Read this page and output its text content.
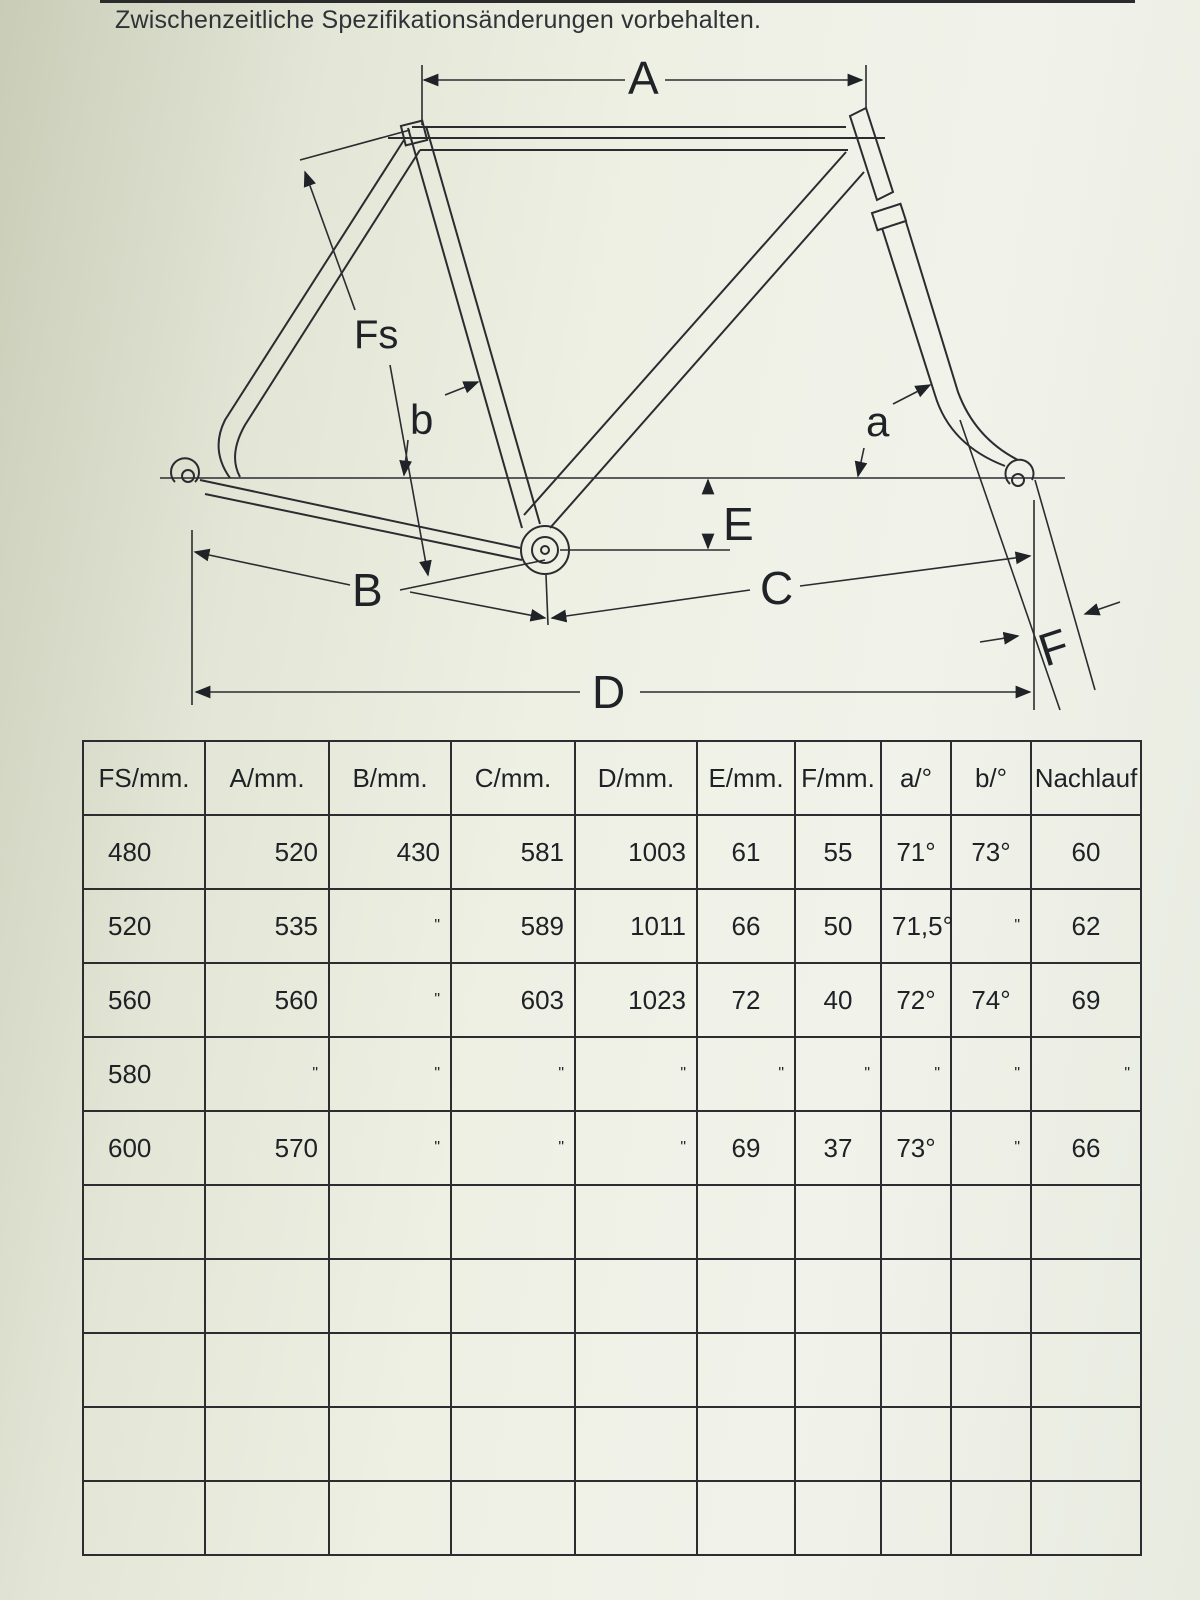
Zwischenzeitliche Spezifikationsänderungen vorbehalten.
A
Fs
b	a
E
B	C
D
F
FS/mm.	A/mm.	B/mm.	C/mm.	D/mm.	E/mm.	F/mm.	a/°	b/°	Nachlauf
480	520	430	581	1003	61	55	71°	73°	60
520	535	"	589	1011	66	50	71,5°	"	62
560	560	"	603	1023	72	40	72°	74°	69
580	"	"	"	"	"	"	"	"	"
600	570	"	"	"	69	37	73°	"	66
